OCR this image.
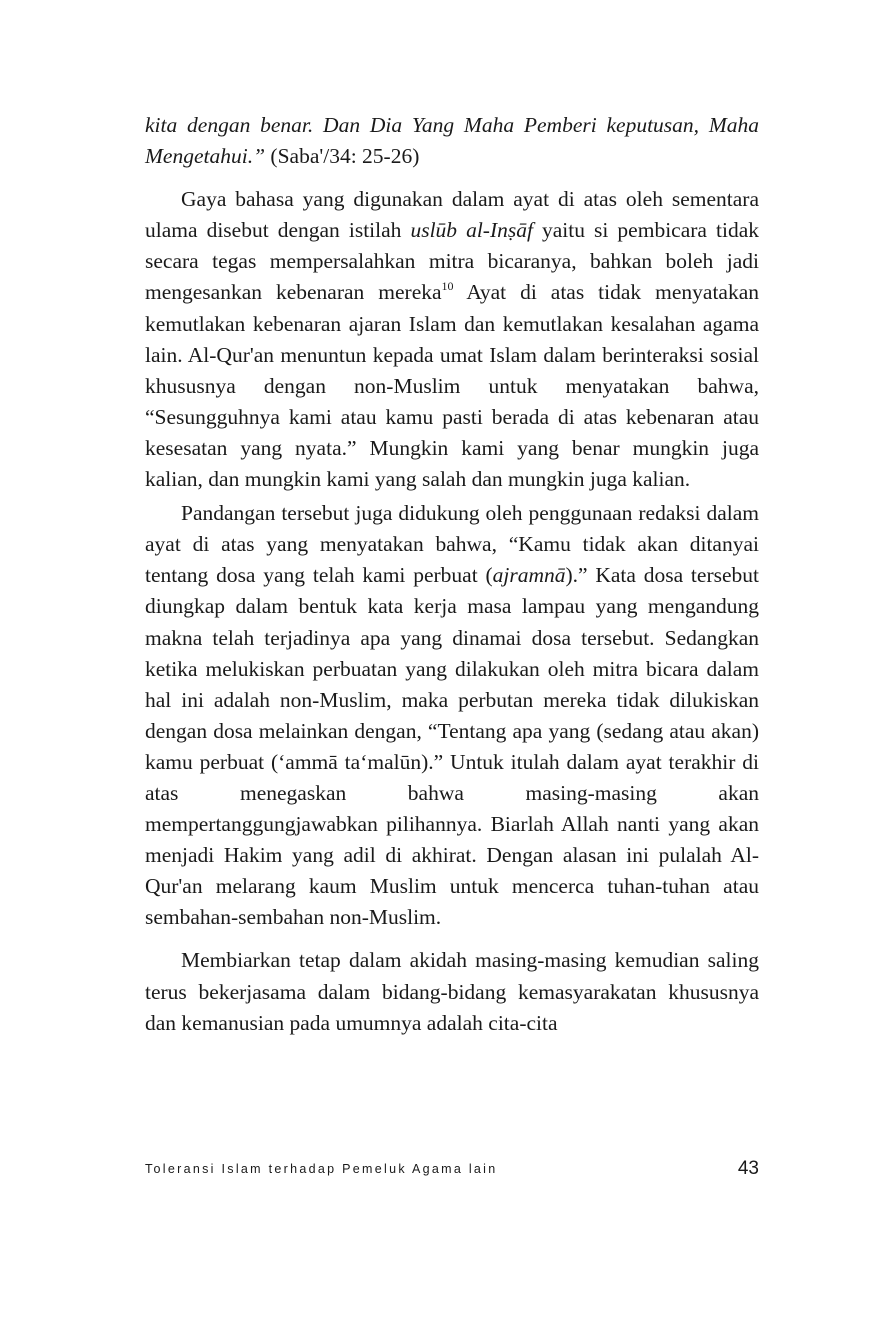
kita dengan benar. Dan Dia Yang Maha Pemberi keputusan, Maha Mengetahui.” (Saba'/34: 25-26)

Gaya bahasa yang digunakan dalam ayat di atas oleh sementara ulama disebut dengan istilah uslūb al-Inṣāf yaitu si pembicara tidak secara tegas mempersalahkan mitra bicaranya, bahkan boleh jadi mengesankan kebenaran mereka$^{10}$ Ayat di atas tidak menyatakan kemutlakan kebenaran ajaran Islam dan kemutlakan kesalahan agama lain. Al-Qur'an menuntun kepada umat Islam dalam berinteraksi sosial khususnya dengan non-Muslim untuk menyatakan bahwa, “Sesungguhnya kami atau kamu pasti berada di atas kebenaran atau kesesatan yang nyata.” Mungkin kami yang benar mungkin juga kalian, dan mungkin kami yang salah dan mungkin juga kalian.

Pandangan tersebut juga didukung oleh penggunaan redaksi dalam ayat di atas yang menyatakan bahwa, “Kamu tidak akan ditanyai tentang dosa yang telah kami perbuat (ajramnā).” Kata dosa tersebut diungkap dalam bentuk kata kerja masa lampau yang mengandung makna telah terjadinya apa yang dinamai dosa tersebut. Sedangkan ketika melukiskan perbuatan yang dilakukan oleh mitra bicara dalam hal ini adalah non-Muslim, maka perbutan mereka tidak dilukiskan dengan dosa melainkan dengan, “Tentang apa yang (sedang atau akan) kamu perbuat (‘ammā ta‘malūn).” Untuk itulah dalam ayat terakhir di atas menegaskan bahwa masing-masing akan mempertanggungjawabkan pilihannya. Biarlah Allah nanti yang akan menjadi Hakim yang adil di akhirat. Dengan alasan ini pulalah Al-Qur'an melarang kaum Muslim untuk mencerca tuhan-tuhan atau sembahan-sembahan non-Muslim.

Membiarkan tetap dalam akidah masing-masing kemudian saling terus bekerjasama dalam bidang-bidang kemasyarakatan khususnya dan kemanusian pada umumnya adalah cita-cita

Toleransi Islam terhadap Pemeluk Agama lain	43
